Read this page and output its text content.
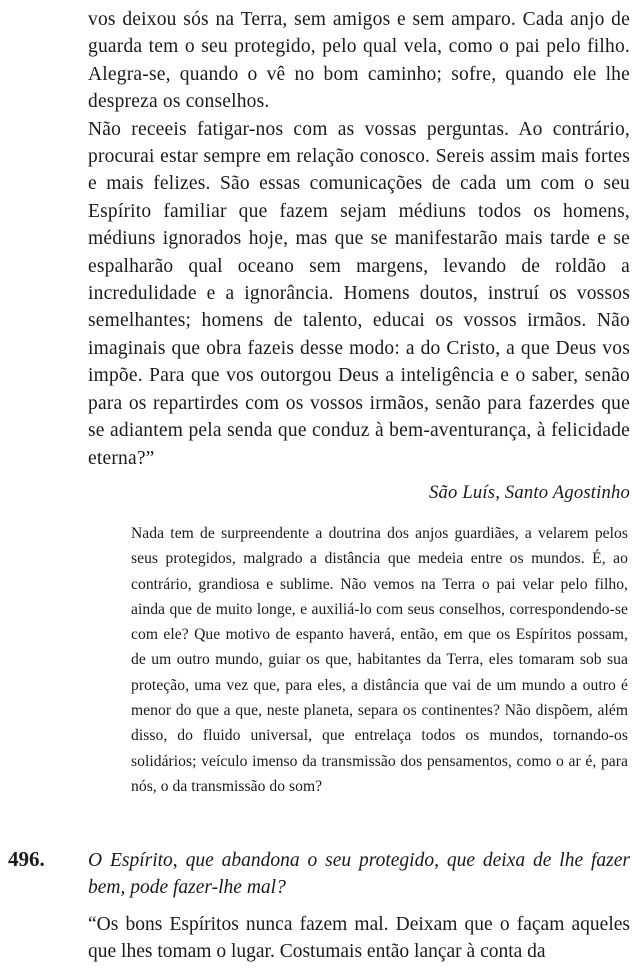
vos deixou sós na Terra, sem amigos e sem amparo. Cada anjo de guarda tem o seu protegido, pelo qual vela, como o pai pelo filho. Alegra-se, quando o vê no bom caminho; sofre, quando ele lhe despreza os conselhos.

Não receeis fatigar-nos com as vossas perguntas. Ao contrário, procurai estar sempre em relação conosco. Sereis assim mais fortes e mais felizes. São essas comunicações de cada um com o seu Espírito familiar que fazem sejam médiuns todos os homens, médiuns ignorados hoje, mas que se manifestarão mais tarde e se espalharão qual oceano sem margens, levando de roldão a incredulidade e a ignorância. Homens doutos, instruí os vossos semelhantes; homens de talento, educai os vossos irmãos. Não imaginais que obra fazeis desse modo: a do Cristo, a que Deus vos impõe. Para que vos outorgou Deus a inteligência e o saber, senão para os repartirdes com os vossos irmãos, senão para fazerdes que se adiantem pela senda que conduz à bem-aventurança, à felicidade eterna?”

São Luís, Santo Agostinho

Nada tem de surpreendente a doutrina dos anjos guardiães, a velarem pelos seus protegidos, malgrado a distância que medeia entre os mundos. É, ao contrário, grandiosa e sublime. Não vemos na Terra o pai velar pelo filho, ainda que de muito longe, e auxiliá-lo com seus conselhos, correspondendo-se com ele? Que motivo de espanto haverá, então, em que os Espíritos possam, de um outro mundo, guiar os que, habitantes da Terra, eles tomaram sob sua proteção, uma vez que, para eles, a distância que vai de um mundo a outro é menor do que a que, neste planeta, separa os continentes? Não dispõem, além disso, do fluido universal, que entrelaça todos os mundos, tornando-os solidários; veículo imenso da transmissão dos pensamentos, como o ar é, para nós, o da transmissão do som?

496. O Espírito, que abandona o seu protegido, que deixa de lhe fazer bem, pode fazer-lhe mal?
“Os bons Espíritos nunca fazem mal. Deixam que o façam aqueles que lhes tomam o lugar. Costumais então lançar à conta da
